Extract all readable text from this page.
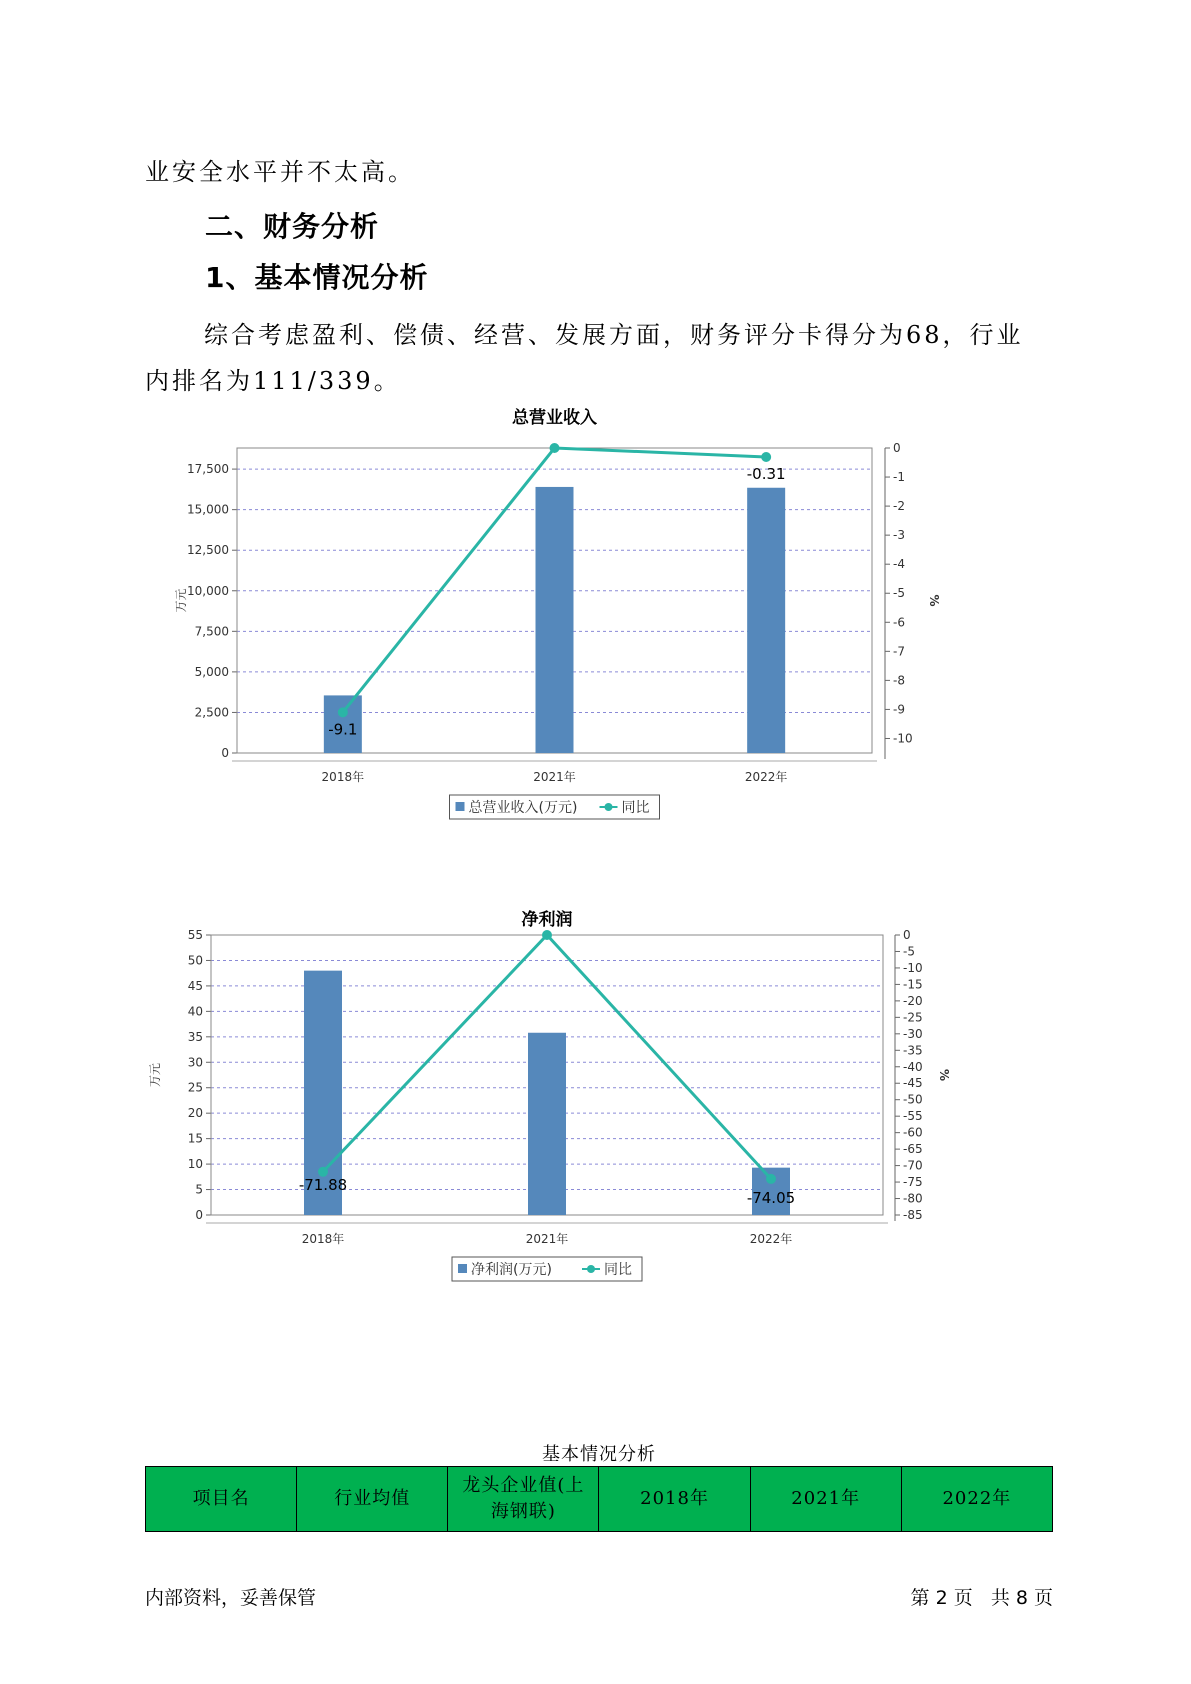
业安全水平并不太高。

二、财务分析
1、基本情况分析

综合考虑盈利、偿债、经营、发展方面，财务评分卡得分为68，行业

内排名为111/339。

总营业收入
0
2,500
5,000
7,500
10,000
12,500
15,000
17,500
0
-1
-2
-3
-4
-5
-6
-7
-8
-9
-10
万元	%
2018年	2021年	2022年
-9.1
-0.31
总营业收入(万元)	同比
0
5
10
15
20
25
30
35
40
45
50
55	0
-5
-10
-15
-20
-25
-30
-35
-40
-45
-50
-55
-60
-65
-70
-75
-80
-85
万元	%
2018年	2021年	2022年
-71.88
-74.05
净利润(万元)	同比
净利润

基本情况分析

项目名	行业均值	龙头企业值(上海钢联)	2018年	2021年	2022年

内部资料，妥善保管	第 2 页   共 8 页
